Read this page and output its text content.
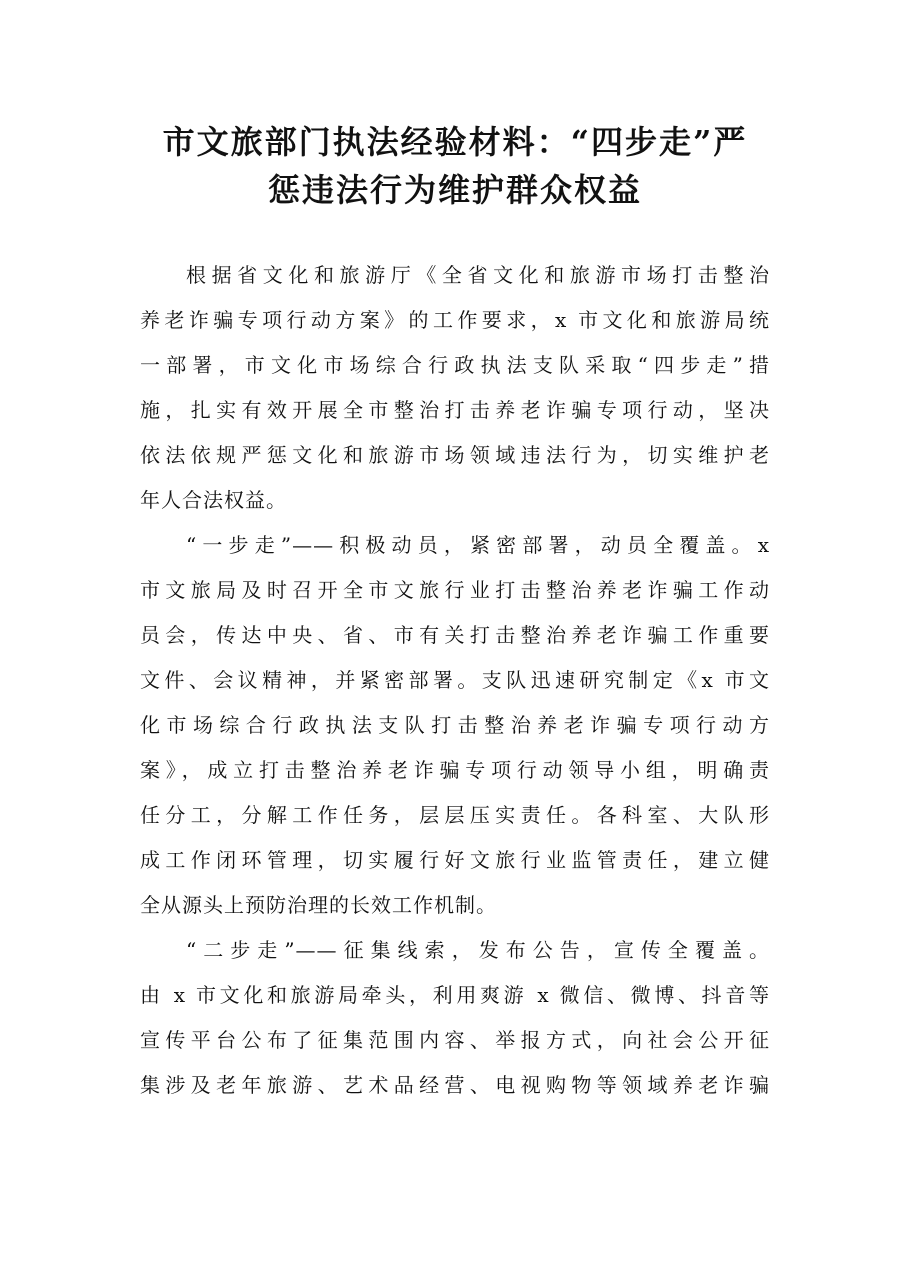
市文旅部门执法经验材料：“四步走”严
惩违法行为维护群众权益
根据省文化和旅游厅《全省文化和旅游市场打击整治
养老诈骗专项行动方案》的工作要求，x 市文化和旅游局统
一部署，市文化市场综合行政执法支队采取“四步走”措
施，扎实有效开展全市整治打击养老诈骗专项行动，坚决
依法依规严惩文化和旅游市场领域违法行为，切实维护老
年人合法权益。
“一步走”——积极动员，紧密部署，动员全覆盖。x
市文旅局及时召开全市文旅行业打击整治养老诈骗工作动
员会，传达中央、省、市有关打击整治养老诈骗工作重要
文件、会议精神，并紧密部署。支队迅速研究制定《x 市文
化市场综合行政执法支队打击整治养老诈骗专项行动方
案》，成立打击整治养老诈骗专项行动领导小组，明确责
任分工，分解工作任务，层层压实责任。各科室、大队形
成工作闭环管理，切实履行好文旅行业监管责任，建立健
全从源头上预防治理的长效工作机制。
“二步走”——征集线索，发布公告，宣传全覆盖。
由 x 市文化和旅游局牵头，利用爽游 x 微信、微博、抖音等
宣传平台公布了征集范围内容、举报方式，向社会公开征
集涉及老年旅游、艺术品经营、电视购物等领域养老诈骗
